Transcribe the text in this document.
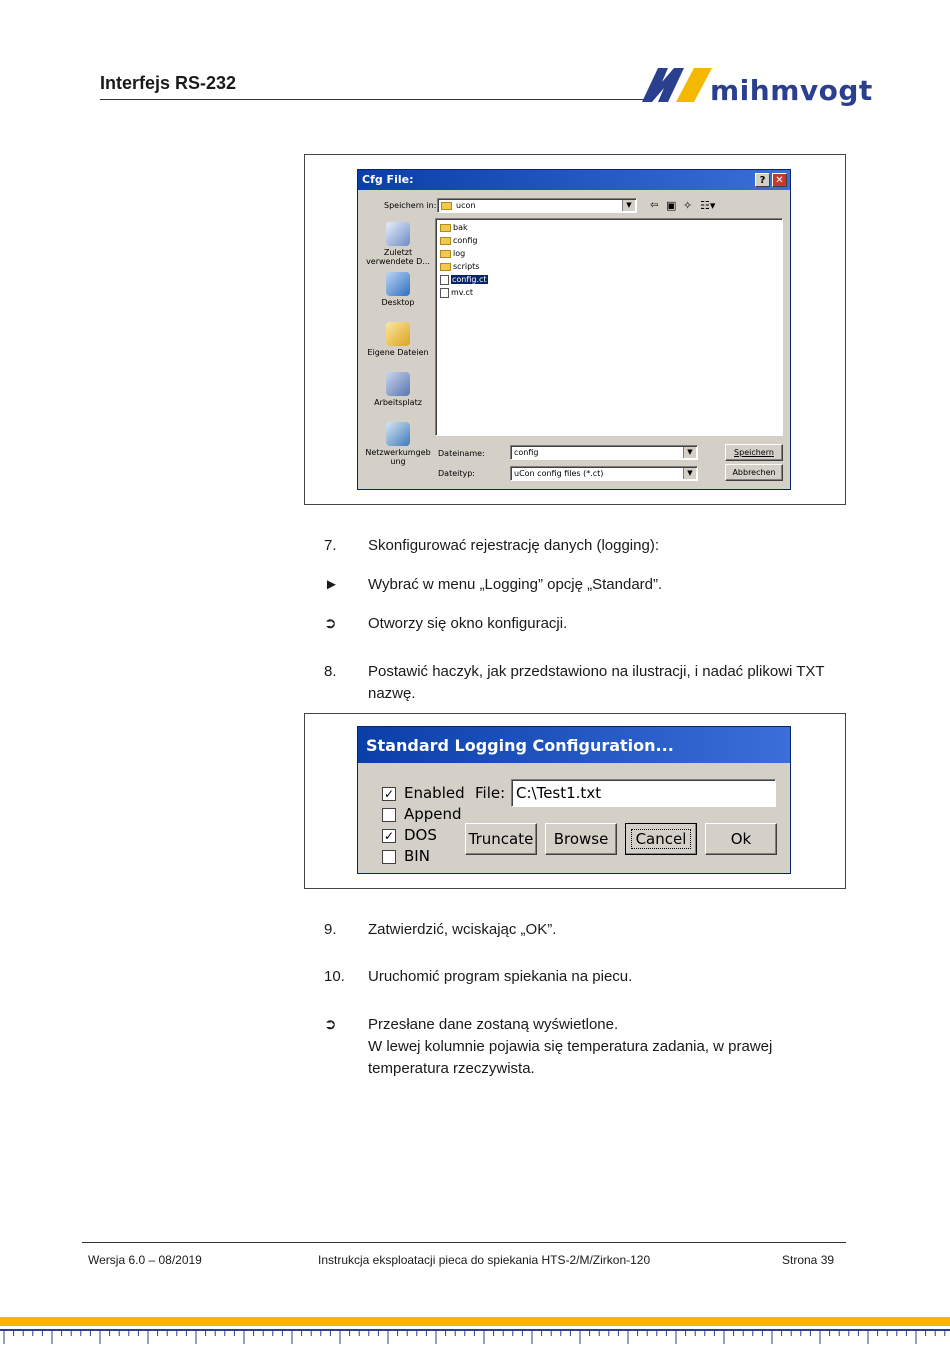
Interfejs RS-232	mihmvogt
Cfg File:	? ✕
Speichern in: ucon	▼	⇦ ▣ ✧ ☷▾
Zuletzt verwendete D...
Desktop
Eigene Dateien
Arbeitsplatz
Netzwerkumgeb ung
bak
config
log
scripts
config.ct
mv.ct
Dateiname:	config	▼
Dateityp:	uCon config files (*.ct)	▼
Speichern
Abbrechen
7. Skonfigurować rejestrację danych (logging):
► Wybrać w menu „Logging” opcję „Standard”.
➲ Otworzy się okno konfiguracji.
8. Postawić haczyk, jak przedstawiono na ilustracji, i nadać plikowi TXT nazwę.
Standard Logging Configuration...
✓ Enabled
Append
✓ DOS
BIN
File: C:\Test1.txt
Truncate	Browse	Cancel	Ok
9. Zatwierdzić, wciskając „OK”.
10. Uruchomić program spiekania na piecu.
➲ Przesłane dane zostaną wyświetlone.
W lewej kolumnie pojawia się temperatura zadania, w prawej temperatura rzeczywista.
Wersja 6.0 – 08/2019	Instrukcja eksploatacji pieca do spiekania HTS-2/M/Zirkon-120	Strona 39
